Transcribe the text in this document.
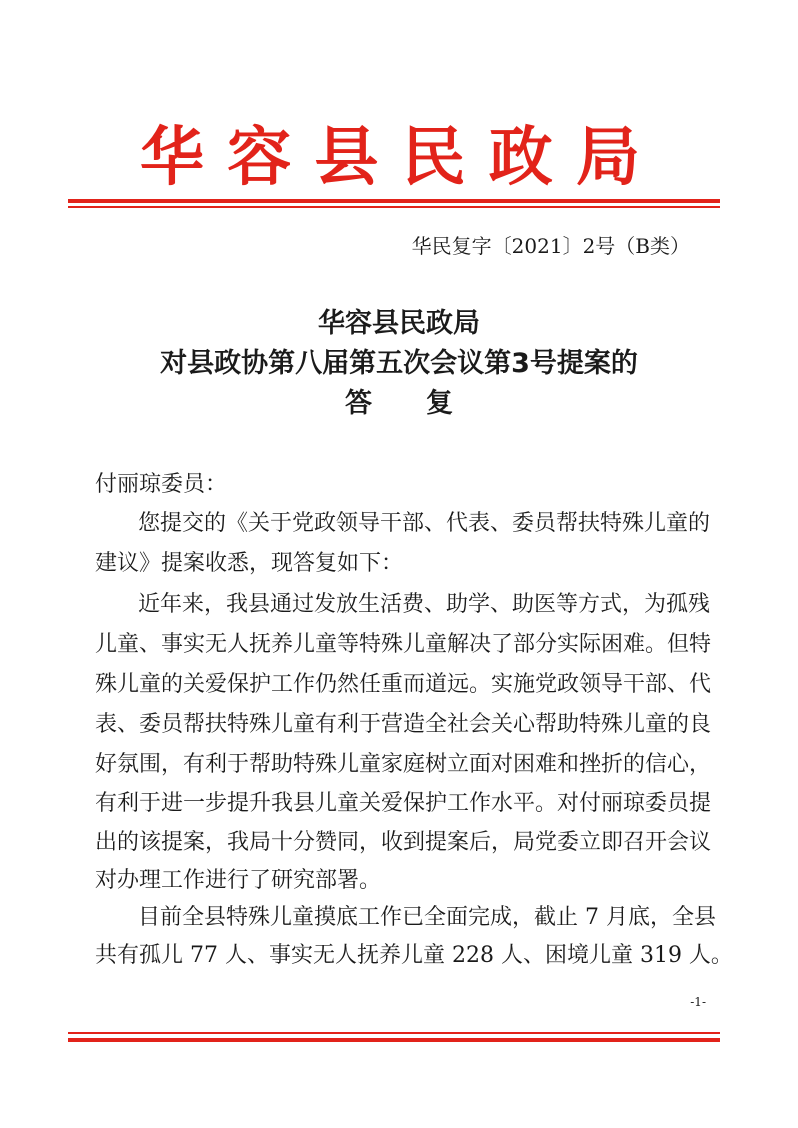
华容县民政局
华民复字〔2021〕2号（B类）
华容县民政局
对县政协第八届第五次会议第3号提案的
答　　复
付丽琼委员：
您提交的《关于党政领导干部、代表、委员帮扶特殊儿童的
建议》提案收悉，现答复如下：
近年来，我县通过发放生活费、助学、助医等方式，为孤残
儿童、事实无人抚养儿童等特殊儿童解决了部分实际困难。但特
殊儿童的关爱保护工作仍然任重而道远。实施党政领导干部、代
表、委员帮扶特殊儿童有利于营造全社会关心帮助特殊儿童的良
好氛围，有利于帮助特殊儿童家庭树立面对困难和挫折的信心，
有利于进一步提升我县儿童关爱保护工作水平。对付丽琼委员提
出的该提案，我局十分赞同，收到提案后，局党委立即召开会议
对办理工作进行了研究部署。
目前全县特殊儿童摸底工作已全面完成，截止 7 月底，全县
共有孤儿 77 人、事实无人抚养儿童 228 人、困境儿童 319 人。
-1-
